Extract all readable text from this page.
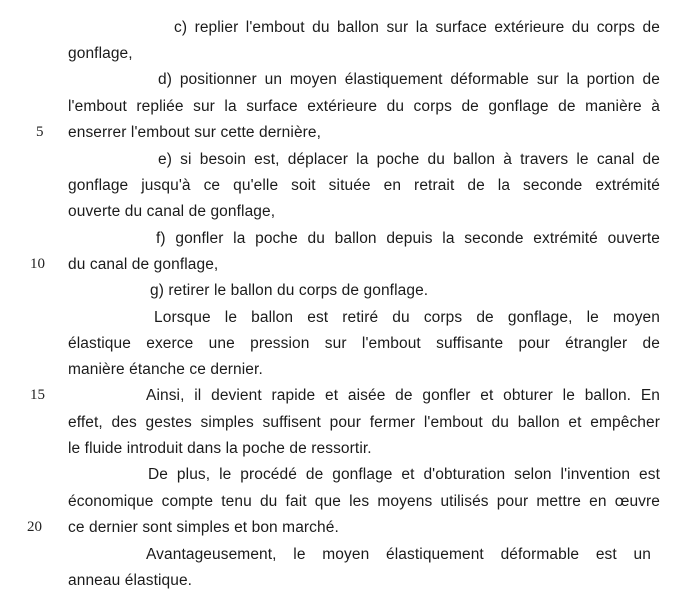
5
10
15
20
c) replier l'embout du ballon sur la surface extérieure du corps de
gonflage,
d) positionner un moyen élastiquement déformable sur la portion de
l'embout repliée sur la surface extérieure du corps de gonflage de manière à
enserrer l'embout sur cette dernière,
e) si besoin est, déplacer la poche du ballon à travers le canal de
gonflage jusqu'à ce qu'elle soit située en retrait de la seconde extrémité
ouverte du canal de gonflage,
f) gonfler la poche du ballon depuis la seconde extrémité ouverte
du canal de gonflage,
g) retirer le ballon du corps de gonflage.
Lorsque le ballon est retiré du corps de gonflage, le moyen
élastique exerce une pression sur l'embout suffisante pour étrangler de
manière étanche ce dernier.
Ainsi, il devient rapide et aisée de gonfler et obturer le ballon. En
effet, des gestes simples suffisent pour fermer l'embout du ballon et empêcher
le fluide introduit dans la poche de ressortir.
De plus, le procédé de gonflage et d'obturation selon l'invention est
économique compte tenu du fait que les moyens utilisés pour mettre en œuvre
ce dernier sont simples et bon marché.
Avantageusement, le moyen élastiquement déformable est un
anneau élastique.
